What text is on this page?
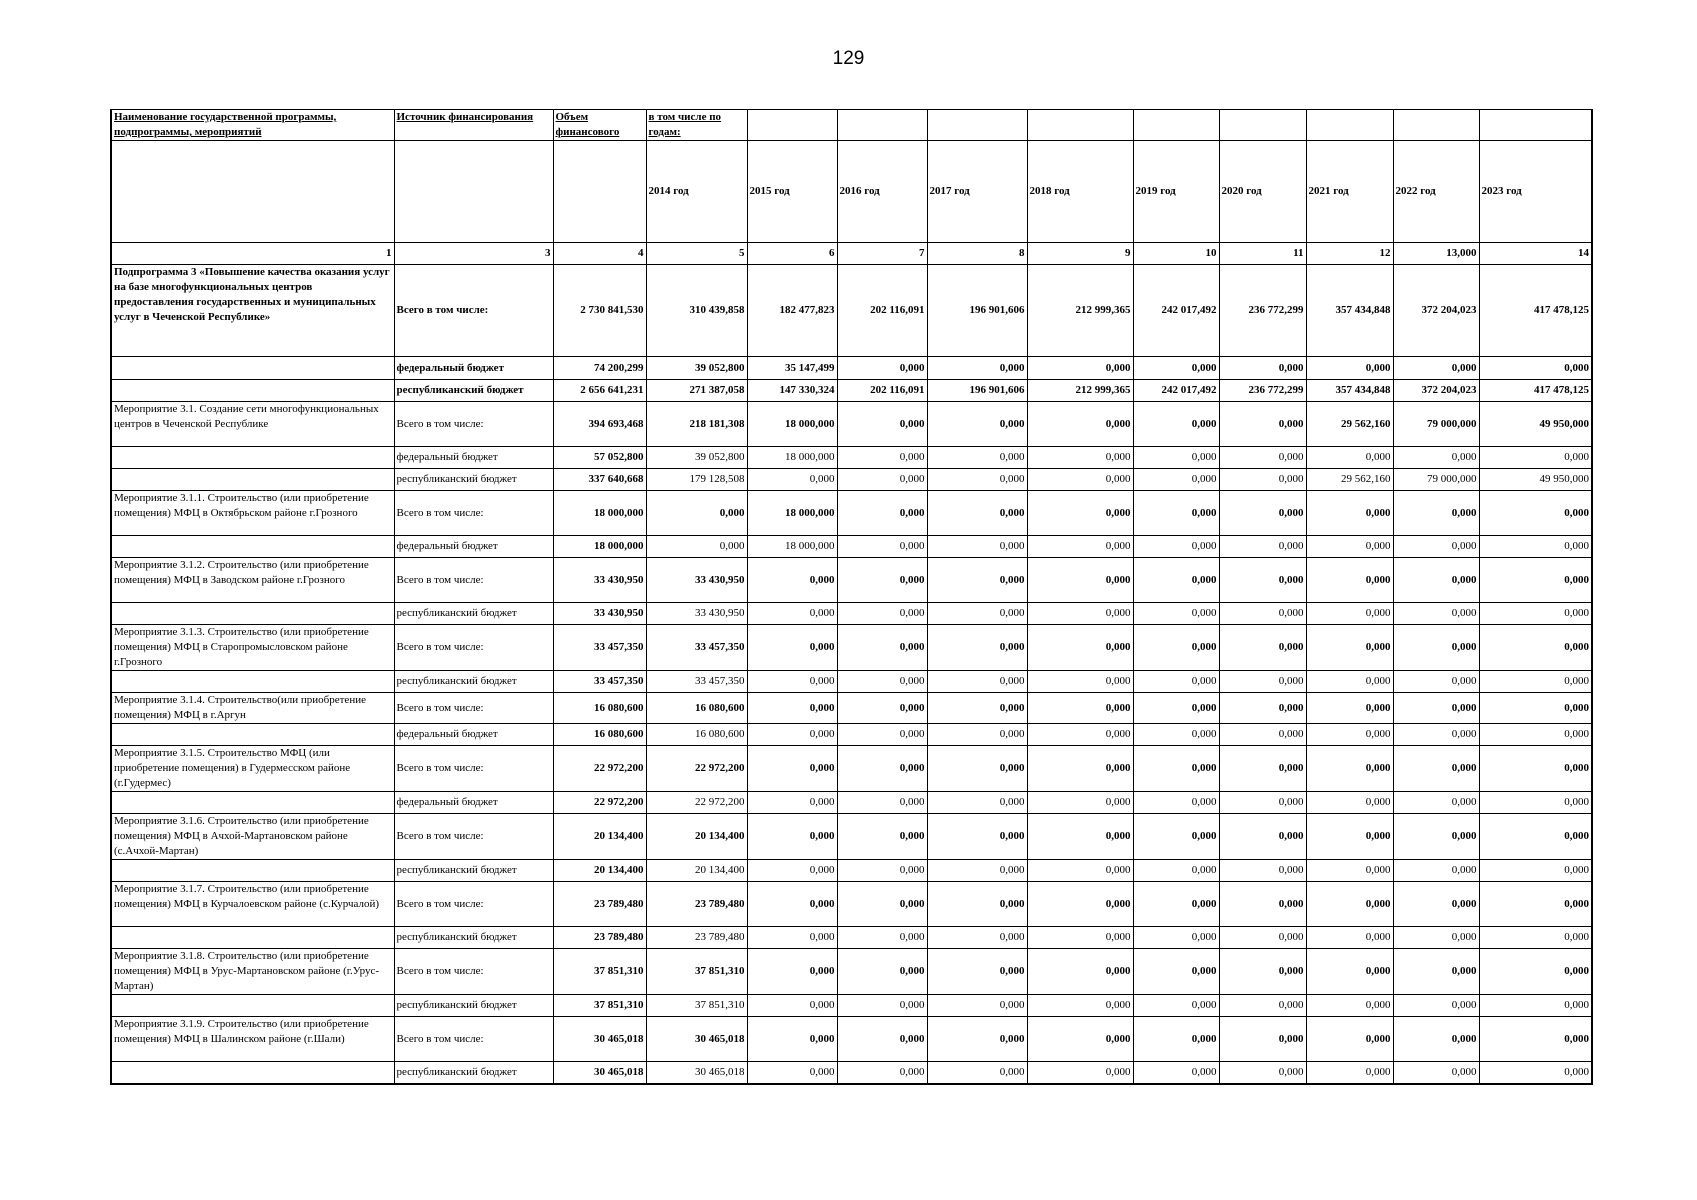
129
Наименование государственной программы, подпрограммы, мероприятий	Источник финансирования	Объем финансового	в том числе по годам:									
			2014 год	2015 год	2016 год	2017 год	2018 год	2019 год	2020 год	2021 год	2022 год	2023 год
1	3	4	5	6	7	8	9	10	11	12	13,000	14
Подпрограмма 3 «Повышение качества оказания услуг на базе многофункциональных центров предоставления государственных и муниципальных услуг в Чеченской Республике»	Всего в том числе:	2 730 841,530	310 439,858	182 477,823	202 116,091	196 901,606	212 999,365	242 017,492	236 772,299	357 434,848	372 204,023	417 478,125
	федеральный бюджет	74 200,299	39 052,800	35 147,499	0,000	0,000	0,000	0,000	0,000	0,000	0,000	0,000
	республиканский бюджет	2 656 641,231	271 387,058	147 330,324	202 116,091	196 901,606	212 999,365	242 017,492	236 772,299	357 434,848	372 204,023	417 478,125
Мероприятие 3.1. Создание сети многофункциональных центров в Чеченской Республике	Всего в том числе:	394 693,468	218 181,308	18 000,000	0,000	0,000	0,000	0,000	0,000	29 562,160	79 000,000	49 950,000
	федеральный бюджет	57 052,800	39 052,800	18 000,000	0,000	0,000	0,000	0,000	0,000	0,000	0,000	0,000
	республиканский бюджет	337 640,668	179 128,508	0,000	0,000	0,000	0,000	0,000	0,000	29 562,160	79 000,000	49 950,000
Мероприятие 3.1.1. Строительство (или приобретение помещения) МФЦ в Октябрьском районе г.Грозного	Всего в том числе:	18 000,000	0,000	18 000,000	0,000	0,000	0,000	0,000	0,000	0,000	0,000	0,000
	федеральный бюджет	18 000,000	0,000	18 000,000	0,000	0,000	0,000	0,000	0,000	0,000	0,000	0,000
Мероприятие 3.1.2. Строительство (или приобретение помещения) МФЦ в Заводском районе г.Грозного	Всего в том числе:	33 430,950	33 430,950	0,000	0,000	0,000	0,000	0,000	0,000	0,000	0,000	0,000
	республиканский бюджет	33 430,950	33 430,950	0,000	0,000	0,000	0,000	0,000	0,000	0,000	0,000	0,000
Мероприятие 3.1.3. Строительство (или приобретение помещения) МФЦ в Старопромысловском районе г.Грозного	Всего в том числе:	33 457,350	33 457,350	0,000	0,000	0,000	0,000	0,000	0,000	0,000	0,000	0,000
	республиканский бюджет	33 457,350	33 457,350	0,000	0,000	0,000	0,000	0,000	0,000	0,000	0,000	0,000
Мероприятие 3.1.4. Строительство(или приобретение помещения) МФЦ в г.Аргун	Всего в том числе:	16 080,600	16 080,600	0,000	0,000	0,000	0,000	0,000	0,000	0,000	0,000	0,000
	федеральный бюджет	16 080,600	16 080,600	0,000	0,000	0,000	0,000	0,000	0,000	0,000	0,000	0,000
Мероприятие 3.1.5. Строительство МФЦ (или приобретение помещения) в Гудермесском районе (г.Гудермес)	Всего в том числе:	22 972,200	22 972,200	0,000	0,000	0,000	0,000	0,000	0,000	0,000	0,000	0,000
	федеральный бюджет	22 972,200	22 972,200	0,000	0,000	0,000	0,000	0,000	0,000	0,000	0,000	0,000
Мероприятие 3.1.6. Строительство (или приобретение помещения) МФЦ в Ачхой-Мартановском районе (с.Ачхой-Мартан)	Всего в том числе:	20 134,400	20 134,400	0,000	0,000	0,000	0,000	0,000	0,000	0,000	0,000	0,000
	республиканский бюджет	20 134,400	20 134,400	0,000	0,000	0,000	0,000	0,000	0,000	0,000	0,000	0,000
Мероприятие 3.1.7. Строительство (или приобретение помещения) МФЦ в Курчалоевском районе (с.Курчалой)	Всего в том числе:	23 789,480	23 789,480	0,000	0,000	0,000	0,000	0,000	0,000	0,000	0,000	0,000
	республиканский бюджет	23 789,480	23 789,480	0,000	0,000	0,000	0,000	0,000	0,000	0,000	0,000	0,000
Мероприятие 3.1.8. Строительство (или приобретение помещения) МФЦ в Урус-Мартановском районе (г.Урус-Мартан)	Всего в том числе:	37 851,310	37 851,310	0,000	0,000	0,000	0,000	0,000	0,000	0,000	0,000	0,000
	республиканский бюджет	37 851,310	37 851,310	0,000	0,000	0,000	0,000	0,000	0,000	0,000	0,000	0,000
Мероприятие 3.1.9. Строительство (или приобретение помещения) МФЦ в Шалинском районе (г.Шали)	Всего в том числе:	30 465,018	30 465,018	0,000	0,000	0,000	0,000	0,000	0,000	0,000	0,000	0,000
	республиканский бюджет	30 465,018	30 465,018	0,000	0,000	0,000	0,000	0,000	0,000	0,000	0,000	0,000
